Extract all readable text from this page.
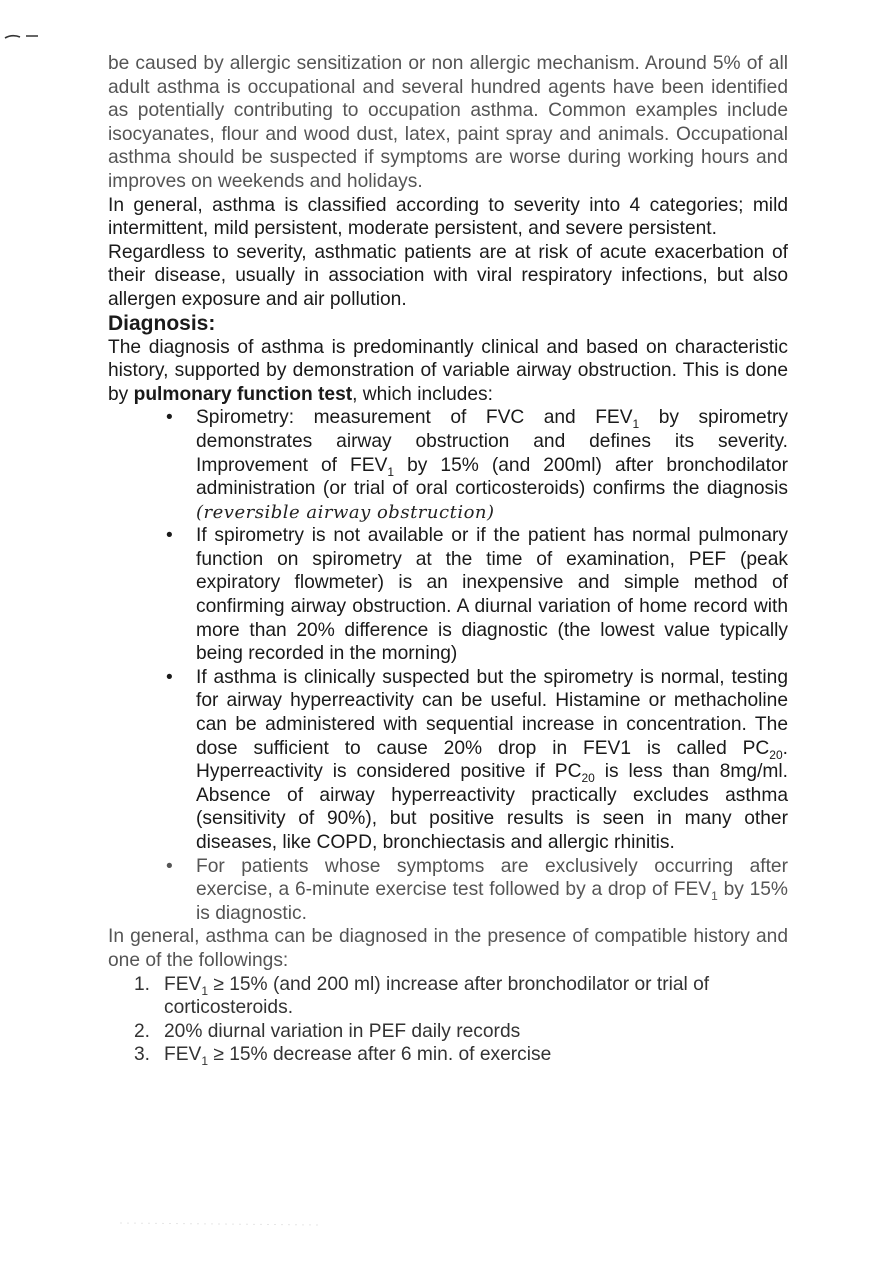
be caused by allergic sensitization or non allergic mechanism. Around 5% of all adult asthma is occupational and several hundred agents have been identified as potentially contributing to occupation asthma. Common examples include isocyanates, flour and wood dust, latex, paint spray and animals. Occupational asthma should be suspected if symptoms are worse during working hours and improves on weekends and holidays.

In general, asthma is classified according to severity into 4 categories; mild intermittent, mild persistent, moderate persistent, and severe persistent.

Regardless to severity, asthmatic patients are at risk of acute exacerbation of their disease, usually in association with viral respiratory infections, but also allergen exposure and air pollution.

Diagnosis:

The diagnosis of asthma is predominantly clinical and based on characteristic history, supported by demonstration of variable airway obstruction. This is done by pulmonary function test, which includes:

• Spirometry: measurement of FVC and $FEV_1$ by spirometry demonstrates airway obstruction and defines its severity. Improvement of $FEV_1$ by 15% (and 200ml) after bronchodilator administration (or trial of oral corticosteroids) confirms the diagnosis (reversible airway obstruction)
• If spirometry is not available or if the patient has normal pulmonary function on spirometry at the time of examination, PEF (peak expiratory flowmeter) is an inexpensive and simple method of confirming airway obstruction. A diurnal variation of home record with more than 20% difference is diagnostic (the lowest value typically being recorded in the morning)
• If asthma is clinically suspected but the spirometry is normal, testing for airway hyperreactivity can be useful. Histamine or methacholine can be administered with sequential increase in concentration. The dose sufficient to cause 20% drop in FEV1 is called $PC_{20}$. Hyperreactivity is considered positive if $PC_{20}$ is less than 8mg/ml. Absence of airway hyperreactivity practically excludes asthma (sensitivity of 90%), but positive results is seen in many other diseases, like COPD, bronchiectasis and allergic rhinitis.
• For patients whose symptoms are exclusively occurring after exercise, a 6-minute exercise test followed by a drop of $FEV_1$ by 15% is diagnostic.

In general, asthma can be diagnosed in the presence of compatible history and one of the followings:

1. $FEV_1 \ge 15\%$ (and 200 ml) increase after bronchodilator or trial of corticosteroids.
2. 20% diurnal variation in PEF daily records
3. $FEV_1 \ge 15\%$ decrease after 6 min. of exercise
